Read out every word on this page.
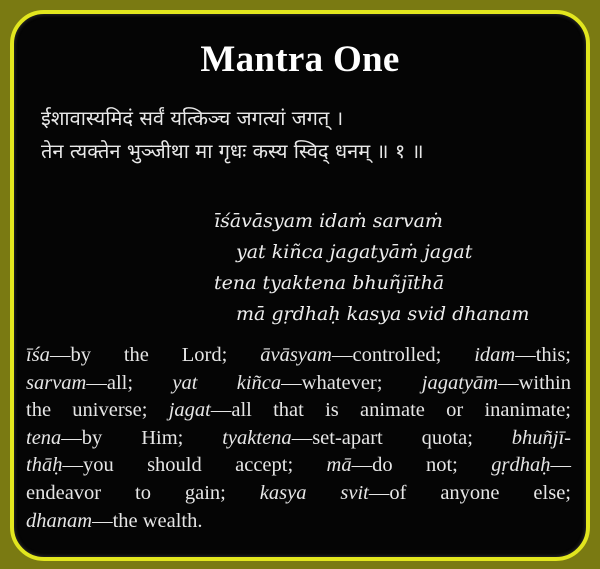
Mantra One
ईशावास्यमिदं सर्वं यत्किञ्च जगत्यां जगत् ।
तेन त्यक्तेन भुञ्जीथा मा गृधः कस्य स्विद् धनम् ॥ १ ॥
īśāvāsyam idaṁ sarvaṁ
yat kiñca jagatyāṁ jagat
tena tyaktena bhuñjīthā
mā gṛdhaḥ kasya svid dhanam
īśa—by the Lord; āvāsyam—controlled; idam—this;
sarvam—all; yat kiñca—whatever; jagatyām—within
the universe; jagat—all that is animate or inanimate;
tena—by Him; tyaktena—set-apart quota; bhuñjī-
thāḥ—you should accept; mā—do not; gṛdhaḥ—
endeavor to gain; kasya svit—of anyone else;
dhanam—the wealth.
